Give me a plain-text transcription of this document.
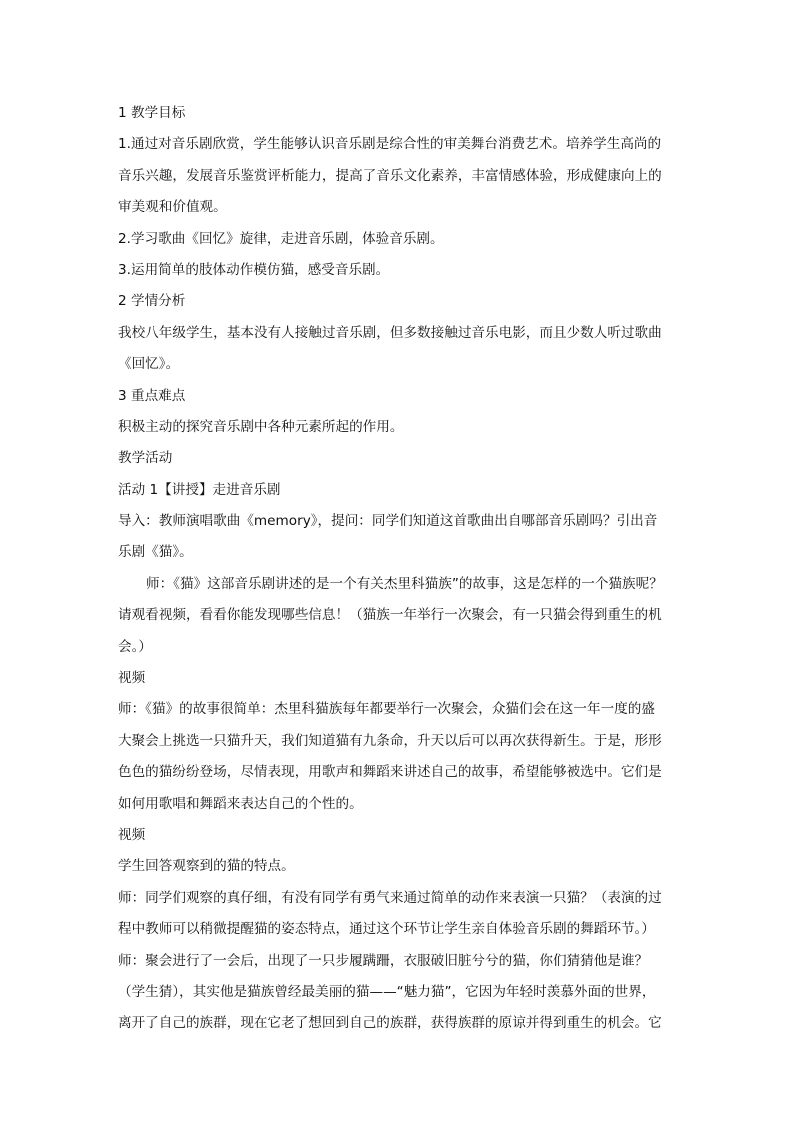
1 教学目标
1.通过对音乐剧欣赏，学生能够认识音乐剧是综合性的审美舞台消费艺术。培养学生高尚的
音乐兴趣，发展音乐鉴赏评析能力，提高了音乐文化素养，丰富情感体验，形成健康向上的
审美观和价值观。
2.学习歌曲《回忆》旋律，走进音乐剧，体验音乐剧。
3.运用简单的肢体动作模仿猫，感受音乐剧。
2 学情分析
我校八年级学生，基本没有人接触过音乐剧，但多数接触过音乐电影，而且少数人听过歌曲
《回忆》。
3 重点难点
积极主动的探究音乐剧中各种元素所起的作用。
教学活动
活动 1【讲授】走进音乐剧
导入：教师演唱歌曲《memory》，提问：同学们知道这首歌曲出自哪部音乐剧吗？引出音
乐剧《猫》。
师：《猫》这部音乐剧讲述的是一个有关杰里科猫族”的故事，这是怎样的一个猫族呢？
请观看视频，看看你能发现哪些信息！（猫族一年举行一次聚会，有一只猫会得到重生的机
会。）
视频
师：《猫》的故事很简单：杰里科猫族每年都要举行一次聚会，众猫们会在这一年一度的盛
大聚会上挑选一只猫升天，我们知道猫有九条命，升天以后可以再次获得新生。于是，形形
色色的猫纷纷登场，尽情表现，用歌声和舞蹈来讲述自己的故事，希望能够被选中。它们是
如何用歌唱和舞蹈来表达自己的个性的。
视频
学生回答观察到的猫的特点。
师：同学们观察的真仔细，有没有同学有勇气来通过简单的动作来表演一只猫？（表演的过
程中教师可以稍微提醒猫的姿态特点，通过这个环节让学生亲自体验音乐剧的舞蹈环节。）
师：聚会进行了一会后，出现了一只步履蹒跚，衣服破旧脏兮兮的猫，你们猜猜他是谁？
（学生猜），其实他是猫族曾经最美丽的猫——“魅力猫”，它因为年轻时羡慕外面的世界，
离开了自己的族群，现在它老了想回到自己的族群，获得族群的原谅并得到重生的机会。它
